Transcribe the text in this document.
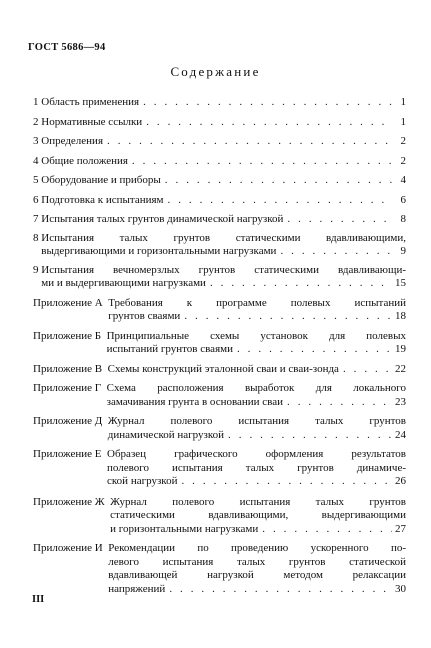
ГОСТ 5686—94
Содержание
1 Область применения . . .	1
2 Нормативные ссылки . . .	1
3 Определения . . .	2
4 Общие положения . . .	2
5 Оборудование и приборы . . .	4
6 Подготовка к испытаниям . . .	6
7 Испытания талых грунтов динамической нагрузкой . . .	8
8 Испытания талых грунтов статическими вдавливающими,
выдергивающими и горизонтальными нагрузками . . .	9
9 Испытания вечномерзлых грунтов статическими вдавливающи-
ми и выдергивающими нагрузками . . .	15
Приложение А Требования к программе полевых испытаний
грунтов сваями . . .	18
Приложение Б Принципиальные схемы установок для полевых
испытаний грунтов сваями . . .	19
Приложение В Схемы конструкций эталонной сваи и сваи-зонда . . .	22
Приложение Г Схема расположения выработок для локального
замачивания грунта в основании сваи . . .	23
Приложение Д Журнал полевого испытания талых грунтов
динамической нагрузкой . . .	24
Приложение Е Образец графического оформления результатов
полевого испытания талых грунтов динамиче-
ской нагрузкой . . .	26
Приложение Ж Журнал полевого испытания талых грунтов
статическими вдавливающими, выдергивающими
и горизонтальными нагрузками . . .	27
Приложение И Рекомендации по проведению ускоренного по-
левого испытания талых грунтов статической
вдавливающей нагрузкой методом релаксации
напряжений . . .	30
III
